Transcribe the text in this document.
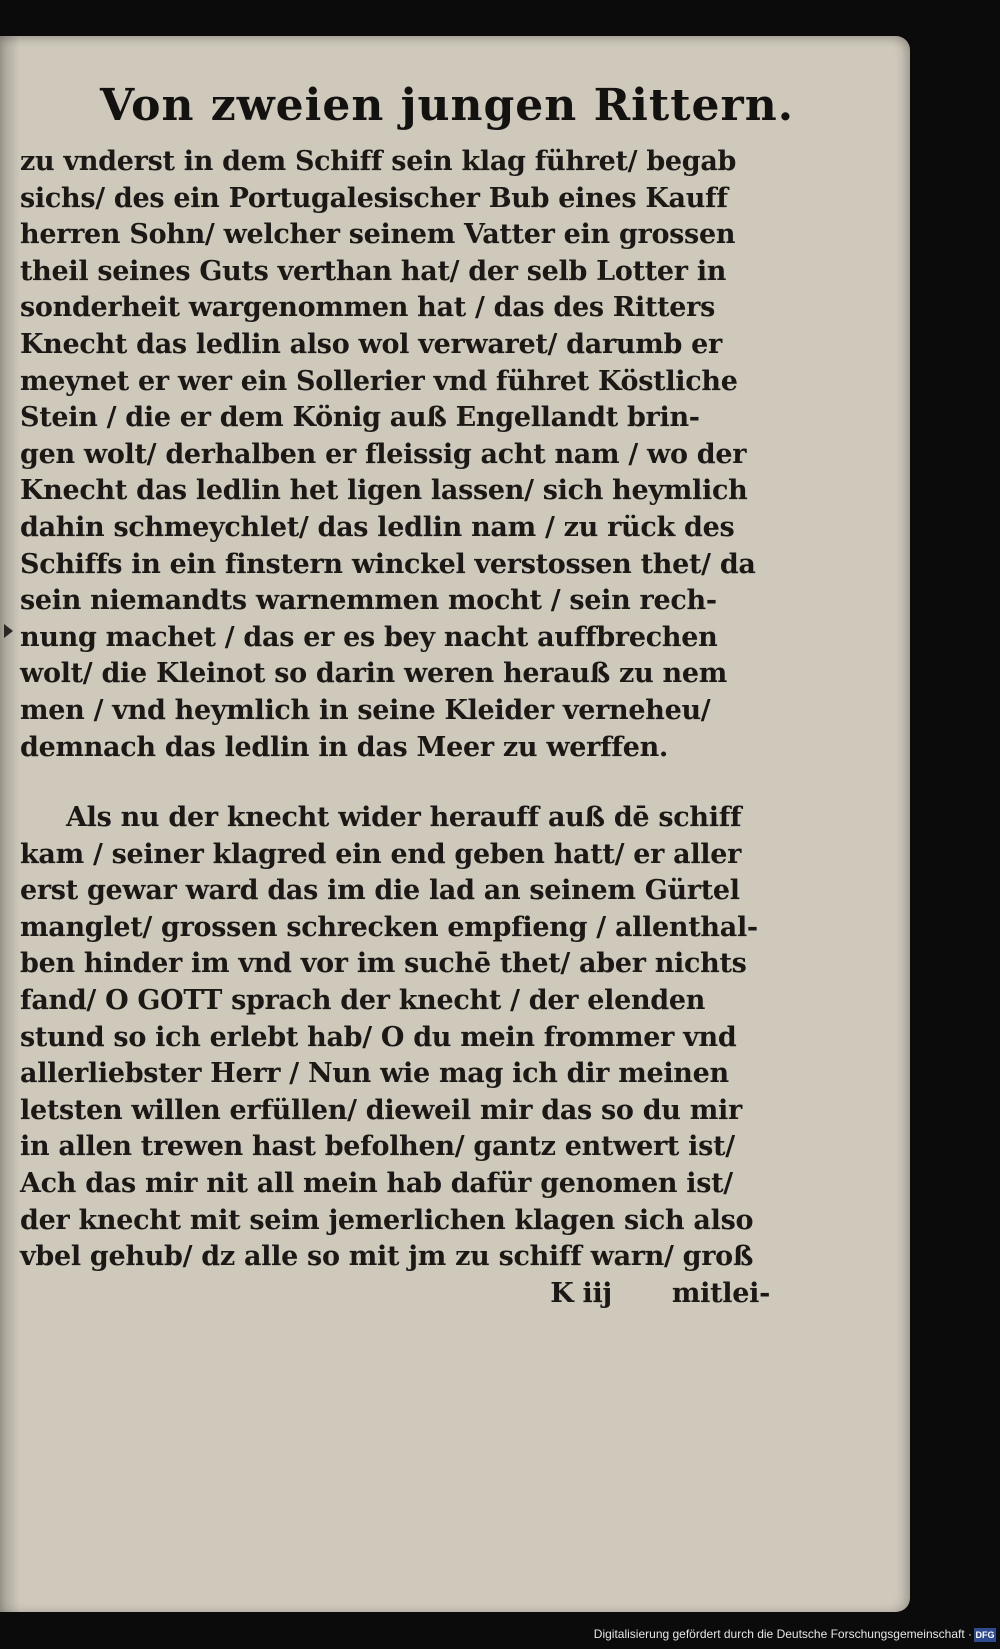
Von zweien jungen Rittern.
zu vnderst in dem Schiff sein klag führet/ begab
sichs/ des ein Portugalesischer Bub eines Kauff
herren Sohn/ welcher seinem Vatter ein grossen
theil seines Guts verthan hat/ der selb Lotter in
sonderheit wargenommen hat / das des Ritters
Knecht das ledlin also wol verwaret/ darumb er
meynet er wer ein Sollerier vnd führet Köstliche
Stein / die er dem König auß Engellandt brin-
gen wolt/ derhalben er fleissig acht nam / wo der
Knecht das ledlin het ligen lassen/ sich heymlich
dahin schmeychlet/ das ledlin nam / zu rück des
Schiffs in ein finstern winckel verstossen thet/ da
sein niemandts warnemmen mocht / sein rech-
nung machet / das er es bey nacht auffbrechen
wolt/ die Kleinot so darin weren herauß zu nem
men / vnd heymlich in seine Kleider verneheu/
demnach das ledlin in das Meer zu werffen.
Als nu der knecht wider herauff auß dē schiff
kam / seiner klagred ein end geben hatt/ er aller
erst gewar ward das im die lad an seinem Gürtel
manglet/ grossen schrecken empfieng / allenthal-
ben hinder im vnd vor im suchē thet/ aber nichts
fand/ O GOTT sprach der knecht / der elenden
stund so ich erlebt hab/ O du mein frommer vnd
allerliebster Herr / Nun wie mag ich dir meinen
letsten willen erfüllen/ dieweil mir das so du mir
in allen trewen hast befolhen/ gantz entwert ist/
Ach das mir nit all mein hab dafür genomen ist/
der knecht mit seim jemerlichen klagen sich also
vbel gehub/ dz alle so mit jm zu schiff warn/ groß
K iij mitlei-
Digitalisierung gefördert durch die Deutsche Forschungsgemeinschaft · DFG
